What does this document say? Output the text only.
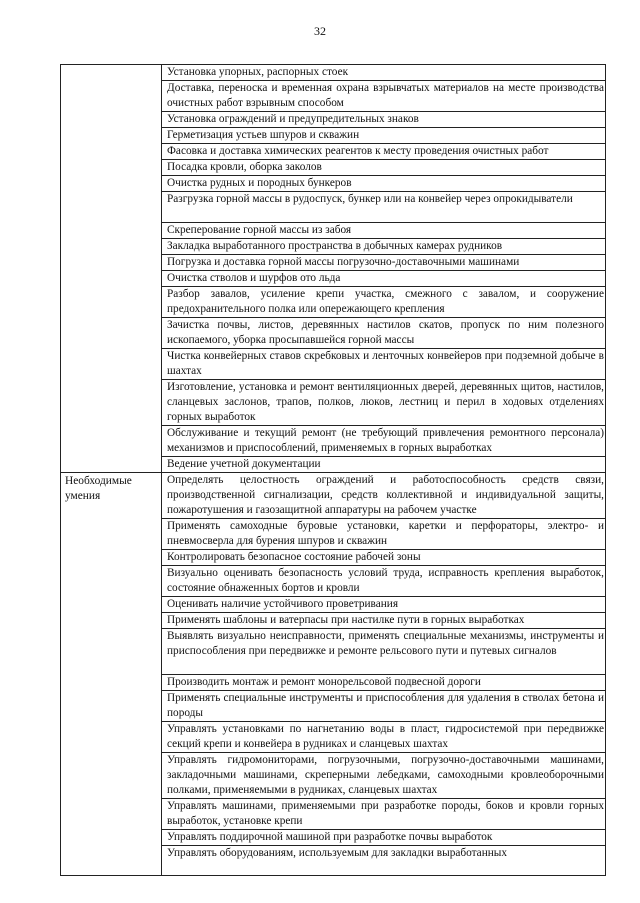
32
Необходимые умения
Установка упорных, распорных стоек
Доставка, переноска и временная охрана взрывчатых материалов на месте производства очистных работ взрывным способом
Установка ограждений и предупредительных знаков
Герметизация устьев шпуров и скважин
Фасовка и доставка химических реагентов к месту проведения очистных работ
Посадка кровли, оборка заколов
Очистка рудных и породных бункеров
Разгрузка горной массы в рудоспуск, бункер или на конвейер через опрокидыватели
Скреперование горной массы из забоя
Закладка выработанного пространства в добычных камерах рудников
Погрузка и доставка горной массы погрузочно-доставочными машинами
Очистка стволов и шурфов ото льда
Разбор завалов, усиление крепи участка, смежного с завалом, и сооружение предохранительного полка или опережающего крепления
Зачистка почвы, листов, деревянных настилов скатов, пропуск по ним полезного ископаемого, уборка просыпавшейся горной массы
Чистка конвейерных ставов скребковых и ленточных конвейеров при подземной добыче в шахтах
Изготовление, установка и ремонт вентиляционных дверей, деревянных щитов, настилов, сланцевых заслонов, трапов, полков, люков, лестниц и перил в ходовых отделениях горных выработок
Обслуживание и текущий ремонт (не требующий привлечения ремонтного персонала) механизмов и приспособлений, применяемых в горных выработках
Ведение учетной документации
Определять целостность ограждений и работоспособность средств связи, производственной сигнализации, средств коллективной и индивидуальной защиты, пожаротушения и газозащитной аппаратуры на рабочем участке
Применять самоходные буровые установки, каретки и перфораторы, электро- и пневмосверла для бурения шпуров и скважин
Контролировать безопасное состояние рабочей зоны
Визуально оценивать безопасность условий труда, исправность крепления выработок, состояние обнаженных бортов и кровли
Оценивать наличие устойчивого проветривания
Применять шаблоны и ватерпасы при настилке пути в горных выработках
Выявлять визуально неисправности, применять специальные механизмы, инструменты и приспособления при передвижке и ремонте рельсового пути и путевых сигналов
Производить монтаж и ремонт монорельсовой подвесной дороги
Применять специальные инструменты и приспособления для удаления в стволах бетона и породы
Управлять установками по нагнетанию воды в пласт, гидросистемой при передвижке секций крепи и конвейера в рудниках и сланцевых шахтах
Управлять гидромониторами, погрузочными, погрузочно-доставочными машинами, закладочными машинами, скреперными лебедками, самоходными кровлеоборочными полками, применяемыми в рудниках, сланцевых шахтах
Управлять машинами, применяемыми при разработке породы, боков и кровли горных выработок, установке крепи
Управлять поддирочной машиной при разработке почвы выработок
Управлять оборудованиям, используемым для закладки выработанных
